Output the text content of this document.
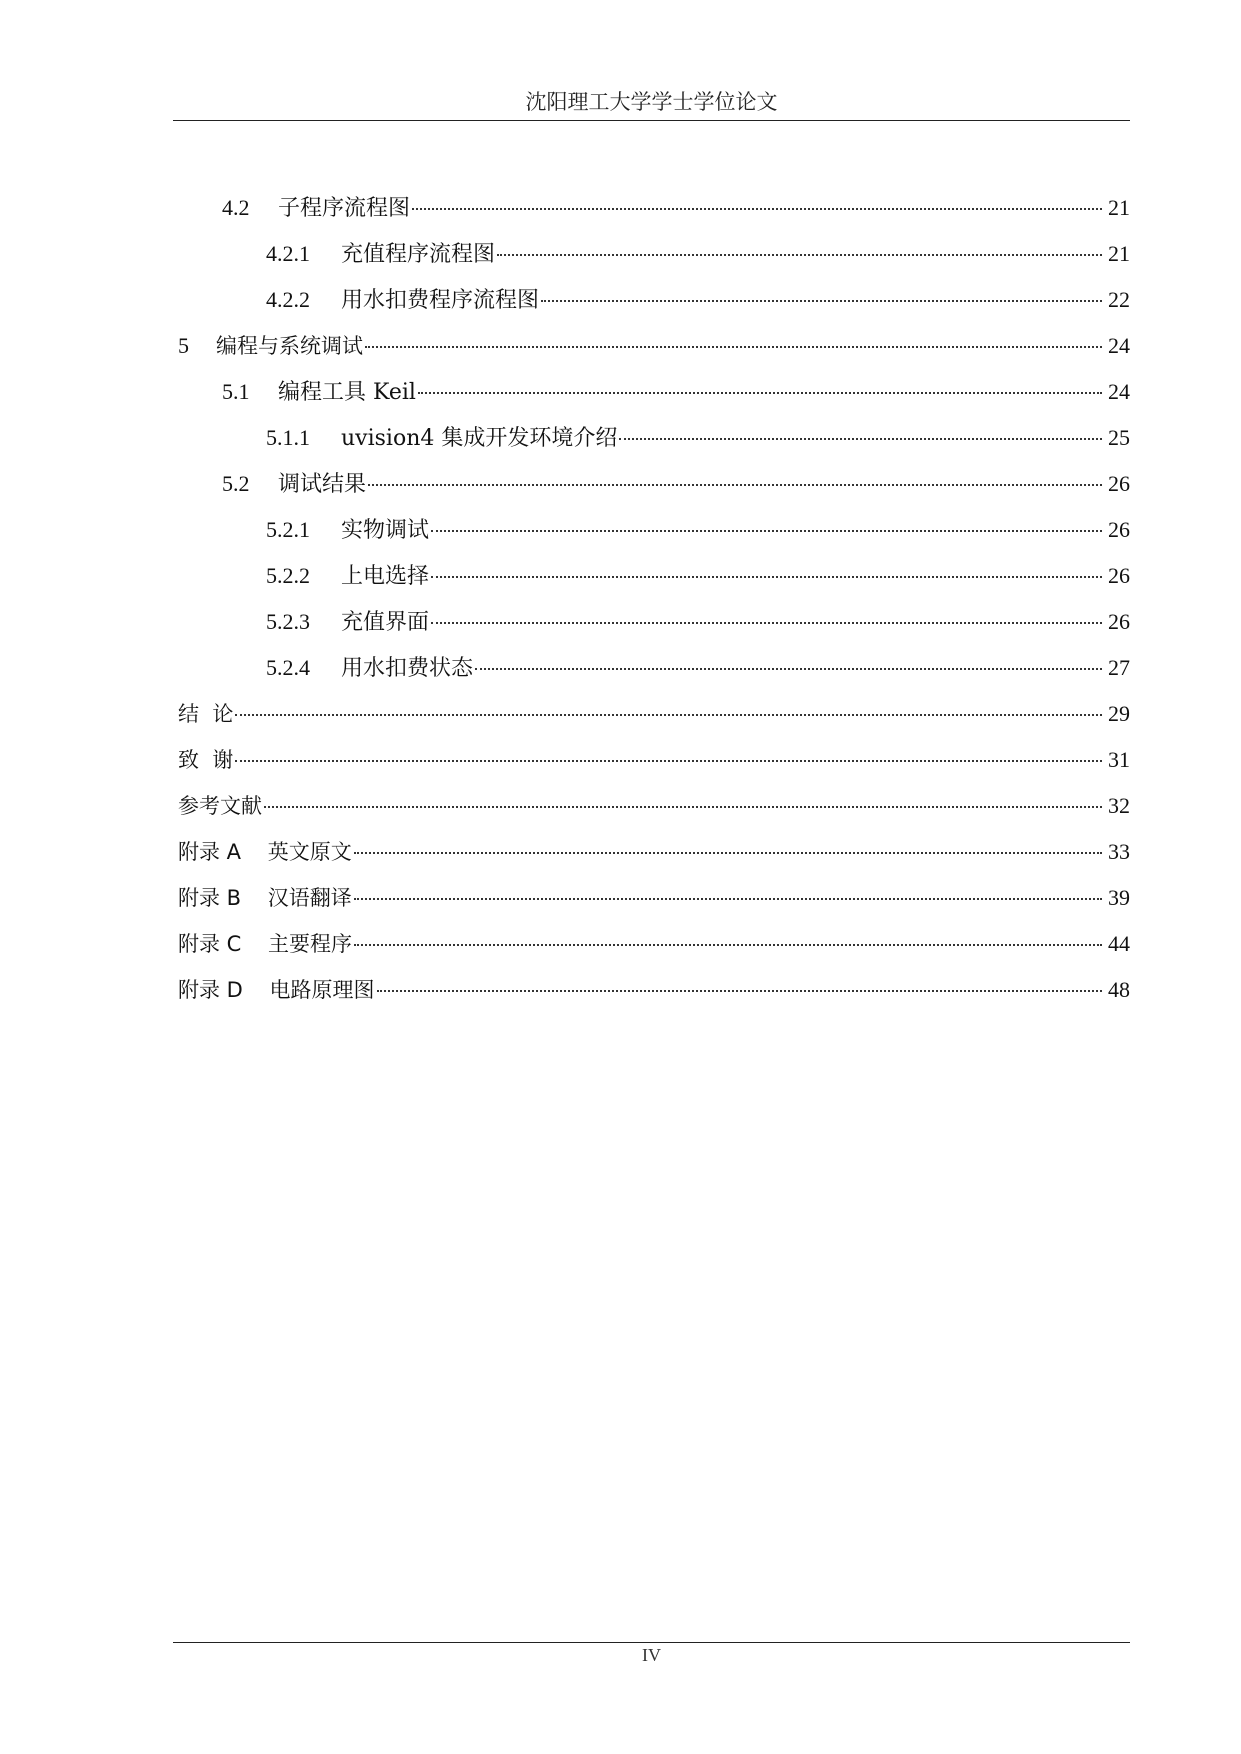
沈阳理工大学学士学位论文
4.2	子程序流程图	21
4.2.1	充值程序流程图	21
4.2.2	用水扣费程序流程图	22
5	编程与系统调试	24
5.1	编程工具 Keil	24
5.1.1	uvision4 集成开发环境介绍	25
5.2	调试结果	26
5.2.1	实物调试	26
5.2.2	上电选择	26
5.2.3	充值界面	26
5.2.4	用水扣费状态	27
结  论	29
致  谢	31
参考文献	32
附录 A    英文原文	33
附录 B    汉语翻译	39
附录 C    主要程序	44
附录 D    电路原理图	48
IV
